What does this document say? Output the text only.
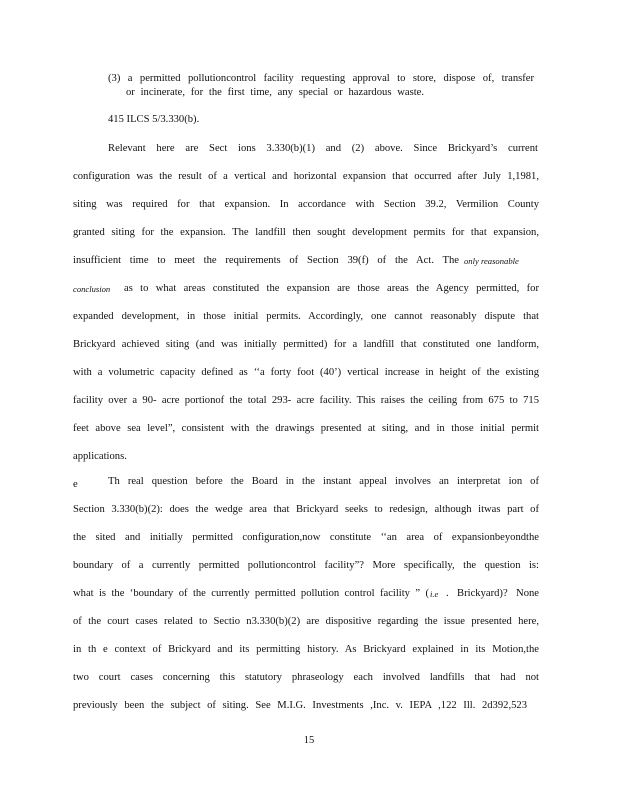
(3) a permitted pollutioncontrol facility requesting approval to store, dispose of, transfer
or incinerate, for the first time, any special or hazardous waste.
415 ILCS 5/3.330(b).
Relevant here are Sect ions 3.330(b)(1) and (2) above. Since Brickyard’s current
configuration was the result of a vertical and horizontal expansion that occurred after July 1,1981,
siting was required for that expansion. In accordance with Section 39.2, Vermilion County
granted siting for the expansion. The landfill then sought development permits for that expansion,
insufficient time to meet the requirements of Section 39(f) of the Act. The only reasonable
conclusion as to what areas constituted the expansion are those areas the Agency permitted, for
expanded development, in those initial permits. Accordingly, one cannot reasonably dispute that
Brickyard achieved siting (and was initially permitted) for a landfill that constituted one landform,
with a volumetric capacity defined as ‘‘a forty foot (40’) vertical increase in height of the existing
facility over a 90- acre portionof the total 293- acre facility. This raises the ceiling from 675 to 715
feet above sea level”, consistent with the drawings presented at siting, and in those initial permit
applications.
e	Th real question before the Board in the instant appeal involves an interpretat ion of
Section 3.330(b)(2): does the wedge area that Brickyard seeks to redesign, although itwas part of
the sited and initially permitted configuration,now constitute ‘‘an area of expansionbeyondthe
boundary of a currently permitted pollutioncontrol facility”? More specifically, the question is:
what is the ‘boundary of the currently permitted pollution control facility ” ( i.e . Brickyard)? None
of the court cases related to Sectio n3.330(b)(2) are dispositive regarding the issue presented here,
in th e context of Brickyard and its permitting history. As Brickyard explained in its Motion,the
two court cases concerning this statutory phraseology each involved landfills that had not
previously been the subject of siting. See M.I.G. Investments ,Inc. v. IEPA ,122 Ill. 2d392,523
15
